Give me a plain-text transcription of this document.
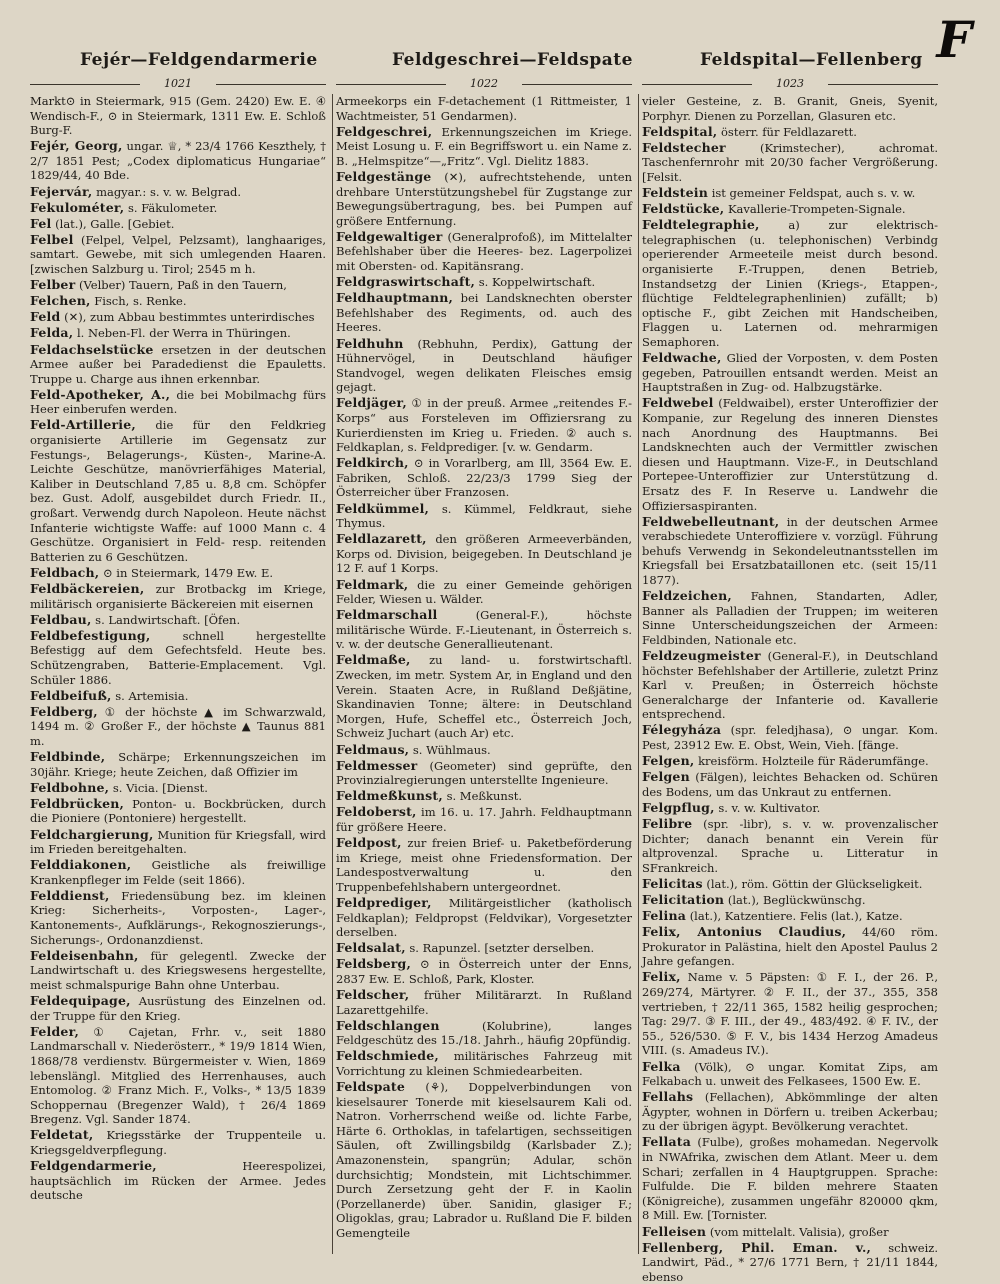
Fejér—Feldgendarmerie	Feldgeschrei—Feldspate	Feldspital—Fellenberg F
1021	1022	1023

Markt⊙ in Steiermark, 915 (Gem. 2420) Ew. E. ④ Wendisch-F., ⊙ in Steiermark, 1311 Ew. E. Schloß Burg-F.

Fejér, Georg, ungar. ♕, * 23/4 1766 Keszthely, † 2/7 1851 Pest; „Codex diplomaticus Hungariae“ 1829/44, 40 Bde.

Fejervár, magyar.: s. v. w. Belgrad.

Fekulométer, s. Fäkulometer.

Fel (lat.), Galle. [Gebiet.

Felbel (Felpel, Velpel, Pelzsamt), langhaariges, samtart. Gewebe, mit sich umlegenden Haaren. [zwischen Salzburg u. Tirol; 2545 m h.

Felber (Velber) Tauern, Paß in den Tauern,

Felchen, Fisch, s. Renke.

Feld (✕), zum Abbau bestimmtes unterirdisches

Felda, l. Neben-Fl. der Werra in Thüringen.

Feldachselstücke ersetzen in der deutschen Armee außer bei Paradedienst die Epauletts. Truppe u. Charge aus ihnen erkennbar.

Feld-Apotheker, A., die bei Mobilmachg fürs Heer einberufen werden.

Feld-Artillerie, die für den Feldkrieg organisierte Artillerie im Gegensatz zur Festungs-, Belagerungs-, Küsten-, Marine-A. Leichte Geschütze, manövrierfähiges Material, Kaliber in Deutschland 7,85 u. 8,8 cm. Schöpfer bez. Gust. Adolf, ausgebildet durch Friedr. II., großart. Verwendg durch Napoleon. Heute nächst Infanterie wichtigste Waffe: auf 1000 Mann c. 4 Geschütze. Organisiert in Feld- resp. reitenden Batterien zu 6 Geschützen.

Feldbach, ⊙ in Steiermark, 1479 Ew. E.

Feldbäckereien, zur Brotbackg im Kriege, militärisch organisierte Bäckereien mit eisernen

Feldbau, s. Landwirtschaft. [Öfen.

Feldbefestigung,	schnell hergestellte Befestigg auf dem Gefechtsfeld. Heute bes. Schützengraben, Batterie-Emplacement. Vgl. Schüler 1886.

Feldbeifuß, s. Artemisia.

Feldberg, ① der höchste ▲ im Schwarzwald, 1494 m. ② Großer F., der höchste ▲ Taunus 881 m.

Feldbinde, Schärpe; Erkennungszeichen im 30jähr. Kriege; heute Zeichen, daß Offizier im

Feldbohne, s. Vicia. [Dienst.

Feldbrücken, Ponton- u. Bockbrücken, durch die Pioniere (Pontoniere) hergestellt.

Feldchargierung, Munition für Kriegsfall, wird im Frieden bereitgehalten.

Felddiakonen, Geistliche als freiwillige Krankenpfleger im Felde (seit 1866).

Felddienst, Friedensübung bez. im kleinen Krieg: Sicherheits-, Vorposten-, Lager-, Kantonements-, Aufklärungs-, Rekognoszierungs-, Sicherungs-, Ordonanzdienst.

Feldeisenbahn, für gelegentl. Zwecke der Landwirtschaft u. des Kriegswesens hergestellte, meist schmalspurige Bahn ohne Unterbau.

Feldequipage, Ausrüstung des Einzelnen od. der Truppe für den Krieg.

Felder, ① Cajetan, Frhr. v., seit 1880 Landmarschall v. Niederösterr., * 19/9 1814 Wien, 1868/78 verdienstv. Bürgermeister v. Wien, 1869 lebenslängl. Mitglied des Herrenhauses, auch Entomolog. ② Franz Mich. F., Volks-, * 13/5 1839 Schoppernau (Bregenzer Wald), † 26/4 1869 Bregenz. Vgl. Sander 1874.

Feldetat, Kriegsstärke der Truppenteile u. Kriegsgeldverpflegung.

Feldgendarmerie,	Heerespolizei, hauptsächlich im Rücken der Armee. Jedes deutsche

Armeekorps ein F-detachement (1 Rittmeister, 1 Wachtmeister, 51 Gendarmen).

Feldgeschrei, Erkennungszeichen im Kriege. Meist Losung u. F. ein Begriffswort u. ein Name z. B. „Helmspitze“—„Fritz“. Vgl. Dielitz 1883.

Feldgestänge (✕), aufrechtstehende, unten drehbare Unterstützungshebel für Zugstange zur Bewegungsübertragung, bes. bei Pumpen auf größere Entfernung.

Feldgewaltiger (Generalprofoß), im Mittelalter Befehlshaber über die Heeres- bez. Lagerpolizei mit Obersten- od. Kapitänsrang.

Feldgraswirtschaft, s. Koppelwirtschaft.

Feldhauptmann, bei Landsknechten oberster Befehlshaber des Regiments, od. auch des Heeres.

Feldhuhn (Rebhuhn, Perdix), Gattung der Hühnervögel, in Deutschland häufiger Standvogel, wegen delikaten Fleisches emsig gejagt.

Feldjäger, ① in der preuß. Armee „reitendes F.-Korps“ aus Forsteleven im Offiziersrang zu Kurierdiensten im Krieg u. Frieden. ② auch s. Feldkaplan, s. Feldprediger. [v. w. Gendarm.

Feldkirch, ⊙ in Vorarlberg, am Ill, 3564 Ew. E. Fabriken, Schloß. 22/23/3 1799 Sieg der Österreicher über Franzosen.

Feldkümmel, s. Kümmel, Feldkraut, siehe Thymus.

Feldlazarett, den größeren Armeeverbänden, Korps od. Division, beigegeben. In Deutschland je 12 F. auf 1 Korps.

Feldmark, die zu einer Gemeinde gehörigen Felder, Wiesen u. Wälder.

Feldmarschall	(General-F.), höchste militärische Würde. F.-Lieutenant, in Österreich s. v. w. der deutsche Generallieutenant.

Feldmaße, zu land- u. forstwirtschaftl. Zwecken, im metr. System Ar, in England und den Verein. Staaten Acre, in Rußland Deßjätine, Skandinavien Tonne; ältere: in Deutschland Morgen, Hufe, Scheffel etc., Österreich Joch, Schweiz Juchart (auch Ar) etc.

Feldmaus, s. Wühlmaus.

Feldmesser (Geometer) sind geprüfte, den Provinzialregierungen unterstellte Ingenieure.

Feldmeßkunst, s. Meßkunst.

Feldoberst, im 16. u. 17. Jahrh. Feldhauptmann für größere Heere.

Feldpost, zur freien Brief- u. Paketbeförderung im Kriege, meist ohne Friedensformation. Der Landespostverwaltung u. den Truppenbefehlshabern untergeordnet.

Feldprediger, Militärgeistlicher (katholisch Feldkaplan); Feldpropst (Feldvikar), Vorgesetzter derselben.

Feldsalat, s. Rapunzel. [setzter derselben.

Feldsberg, ⊙ in Österreich unter der Enns, 2837 Ew. E. Schloß, Park, Kloster.

Feldscher, früher Militärarzt. In Rußland Lazarettgehilfe.

Feldschlangen	(Kolubrine), langes Feldgeschütz des 15./18. Jahrh., häufig 20pfündig.

Feldschmiede, militärisches Fahrzeug mit Vorrichtung zu kleinen Schmiedearbeiten.

Feldspate (⚘), Doppelverbindungen von kieselsaurer Tonerde mit kieselsaurem Kali od. Natron. Vorherrschend weiße od. lichte Farbe, Härte 6. Orthoklas, in tafelartigen, sechsseitigen Säulen, oft Zwillingsbildg (Karlsbader Z.); Amazonenstein, spangrün; Adular, schön durchsichtig; Mondstein, mit Lichtschimmer. Durch Zersetzung geht der F. in Kaolin (Porzellanerde) über. Sanidin, glasiger F.; Oligoklas, grau; Labrador u. Rußland Die F. bilden Gemengteile

vieler Gesteine, z. B. Granit, Gneis, Syenit, Porphyr. Dienen zu Porzellan, Glasuren etc.

Feldspital, österr. für Feldlazarett.

Feldstecher	(Krimstecher), achromat. Taschenfernrohr mit 20/30 facher Vergrößerung. [Felsit.

Feldstein ist gemeiner Feldspat, auch s. v. w.

Feldstücke, Kavallerie-Trompeten-Signale.

Feldtelegraphie,	a) zur elektrisch-telegraphischen (u. telephonischen) Verbindg operierender Armeeteile meist durch besond. organisierte F.-Truppen, denen Betrieb, Instandsetzg der Linien (Kriegs-, Etappen-, flüchtige Feldtelegraphenlinien) zufällt; b) optische F., gibt Zeichen mit Handscheiben, Flaggen u. Laternen od. mehrarmigen Semaphoren.

Feldwache, Glied der Vorposten, v. dem Posten gegeben, Patrouillen entsandt werden. Meist an Hauptstraßen in Zug- od. Halbzugstärke.

Feldwebel (Feldwaibel), erster Unteroffizier der Kompanie, zur Regelung des inneren Dienstes nach Anordnung des Hauptmanns. Bei Landsknechten auch der Vermittler zwischen diesen und Hauptmann. Vize-F., in Deutschland Portepee-Unteroffizier zur Unterstützung d. Ersatz des F. In Reserve u. Landwehr die Offiziersaspiranten.

Feldwebelleutnant, in der deutschen Armee verabschiedete Unteroffiziere v. vorzügl. Führung behufs Verwendg in Sekondeleutnantsstellen im Kriegsfall bei Ersatzbataillonen etc. (seit 15/11 1877).

Feldzeichen, Fahnen, Standarten, Adler, Banner als Palladien der Truppen; im weiteren Sinne Unterscheidungszeichen der Armeen: Feldbinden, Nationale etc.

Feldzeugmeister (General-F.), in Deutschland höchster Befehlshaber der Artillerie, zuletzt Prinz Karl v. Preußen; in Österreich höchste Generalcharge der Infanterie od. Kavallerie entsprechend.

Félegyháza (spr. feledjhasa), ⊙ ungar. Kom. Pest, 23912 Ew. E. Obst, Wein, Vieh. [fänge.

Felgen, kreisförm. Holzteile für Räderumfänge.

Felgen (Fälgen), leichtes Behacken od. Schüren des Bodens, um das Unkraut zu entfernen.

Felgpflug, s. v. w. Kultivator.

Felibre (spr. ‑libr), s. v. w. provenzalischer Dichter; danach benannt ein Verein für altprovenzal. Sprache u. Litteratur in SFrankreich.

Felicitas (lat.), röm. Göttin der Glückseligkeit.

Felicitation (lat.), Beglückwünschg.

Felina (lat.), Katzentiere. Felis (lat.), Katze.

Felix, Antonius Claudius, 44/60 röm. Prokurator in Palästina, hielt den Apostel Paulus 2 Jahre gefangen.

Felix, Name v. 5 Päpsten: ① F. I., der 26. P., 269/274, Märtyrer. ② F. II., der 37., 355, 358 vertrieben, † 22/11 365, 1582 heilig gesprochen; Tag: 29/7. ③ F. III., der 49., 483/492. ④ F. IV., der 55., 526/530. ⑤ F. V., bis 1434 Herzog Amadeus VIII. (s. Amadeus IV.).

Felka (Völk), ⊙ ungar. Komitat Zips, am Felkabach u. unweit des Felkasees, 1500 Ew. E.

Fellahs (Fellachen), Abkömmlinge der alten Ägypter, wohnen in Dörfern u. treiben Ackerbau; zu der übrigen ägypt. Bevölkerung verachtet.

Fellata (Fulbe), großes mohamedan. Negervolk in NWAfrika, zwischen dem Atlant. Meer u. dem Schari; zerfallen in 4 Hauptgruppen. Sprache: Fulfulde. Die F. bilden mehrere Staaten (Königreiche), zusammen ungefähr 820000 qkm, 8 Mill. Ew. [Tornister.

Felleisen (vom mittelalt. Valisia), großer

Fellenberg, Phil. Eman. v., schweiz. Landwirt, Päd., * 27/6 1771 Bern, † 21/11 1844, ebenso
